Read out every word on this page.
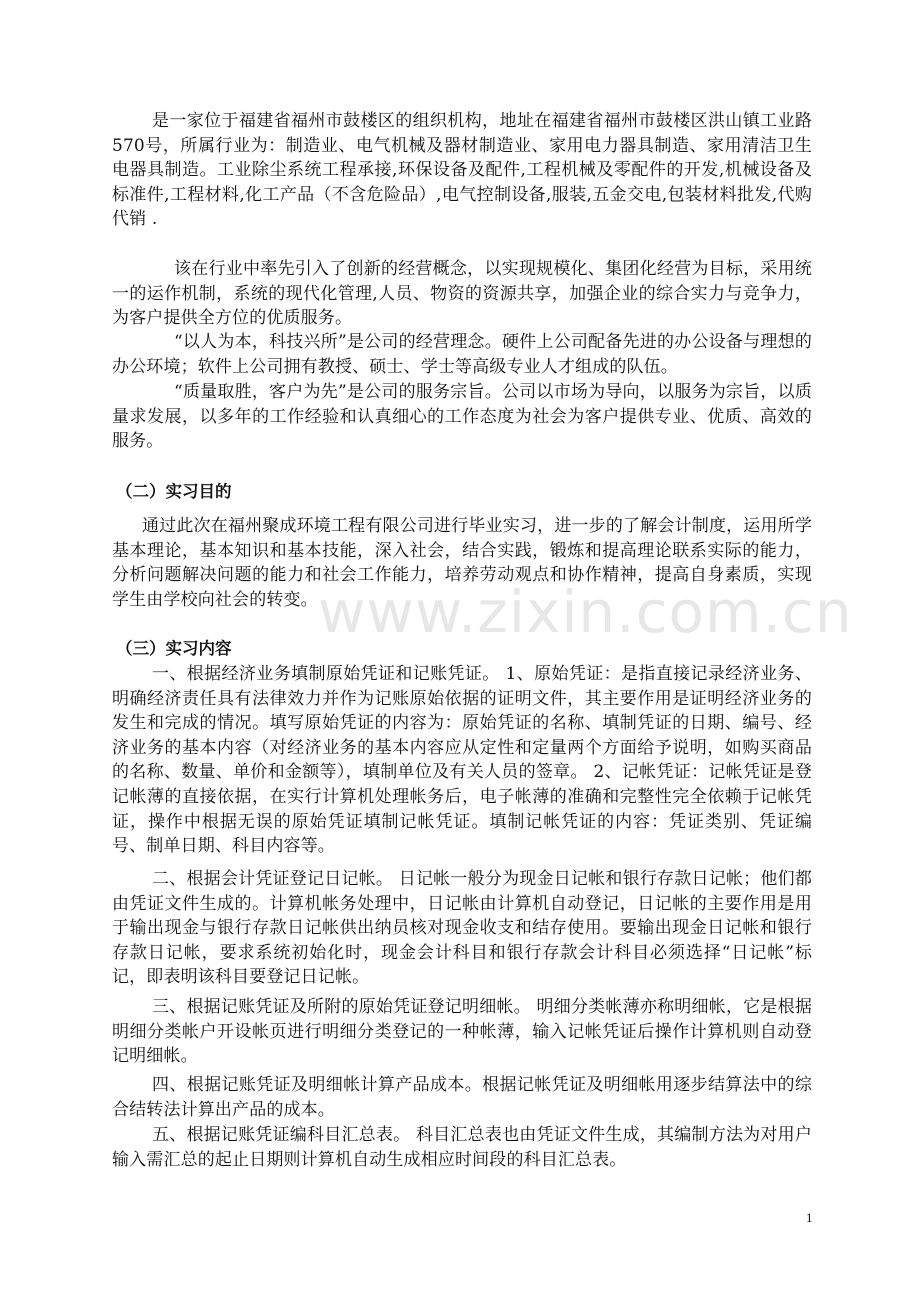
是一家位于福建省福州市鼓楼区的组织机构，地址在福建省福州市鼓楼区洪山镇工业路570号，所属行业为：制造业、电气机械及器材制造业、家用电力器具制造、家用清洁卫生电器具制造。工业除尘系统工程承接,环保设备及配件,工程机械及零配件的开发,机械设备及标准件,工程材料,化工产品（不含危险品）,电气控制设备,服装,五金交电,包装材料批发,代购代销 .

该在行业中率先引入了创新的经营概念，以实现规模化、集团化经营为目标，采用统一的运作机制，系统的现代化管理,人员、物资的资源共享，加强企业的综合实力与竞争力，为客户提供全方位的优质服务。

“以人为本，科技兴所”是公司的经营理念。硬件上公司配备先进的办公设备与理想的办公环境；软件上公司拥有教授、硕士、学士等高级专业人才组成的队伍。

“质量取胜，客户为先”是公司的服务宗旨。公司以市场为导向，以服务为宗旨，以质量求发展，以多年的工作经验和认真细心的工作态度为社会为客户提供专业、优质、高效的服务。

（二）实习目的

通过此次在福州聚成环境工程有限公司进行毕业实习，进一步的了解会计制度，运用所学基本理论，基本知识和基本技能，深入社会，结合实践，锻炼和提高理论联系实际的能力，分析问题解决问题的能力和社会工作能力，培养劳动观点和协作精神，提高自身素质，实现学生由学校向社会的转变。

（三）实习内容

一、根据经济业务填制原始凭证和记账凭证。 1、原始凭证：是指直接记录经济业务、明确经济责任具有法律效力并作为记账原始依据的证明文件，其主要作用是证明经济业务的发生和完成的情况。填写原始凭证的内容为：原始凭证的名称、填制凭证的日期、编号、经济业务的基本内容（对经济业务的基本内容应从定性和定量两个方面给予说明，如购买商品的名称、数量、单价和金额等），填制单位及有关人员的签章。 2、记帐凭证：记帐凭证是登记帐薄的直接依据，在实行计算机处理帐务后，电子帐薄的准确和完整性完全依赖于记帐凭证，操作中根据无误的原始凭证填制记帐凭证。填制记帐凭证的内容：凭证类别、凭证编号、制单日期、科目内容等。

二、根据会计凭证登记日记帐。 日记帐一般分为现金日记帐和银行存款日记帐；他们都由凭证文件生成的。计算机帐务处理中，日记帐由计算机自动登记，日记帐的主要作用是用于输出现金与银行存款日记帐供出纳员核对现金收支和结存使用。要输出现金日记帐和银行存款日记帐，要求系统初始化时，现金会计科目和银行存款会计科目必须选择“日记帐”标记，即表明该科目要登记日记帐。

三、根据记账凭证及所附的原始凭证登记明细帐。 明细分类帐薄亦称明细帐，它是根据明细分类帐户开设帐页进行明细分类登记的一种帐薄，输入记帐凭证后操作计算机则自动登记明细帐。

四、根据记账凭证及明细帐计算产品成本。根据记帐凭证及明细帐用逐步结算法中的综合结转法计算出产品的成本。

五、根据记账凭证编科目汇总表。 科目汇总表也由凭证文件生成，其编制方法为对用户输入需汇总的起止日期则计算机自动生成相应时间段的科目汇总表。

www.zixin.com.cn
1
